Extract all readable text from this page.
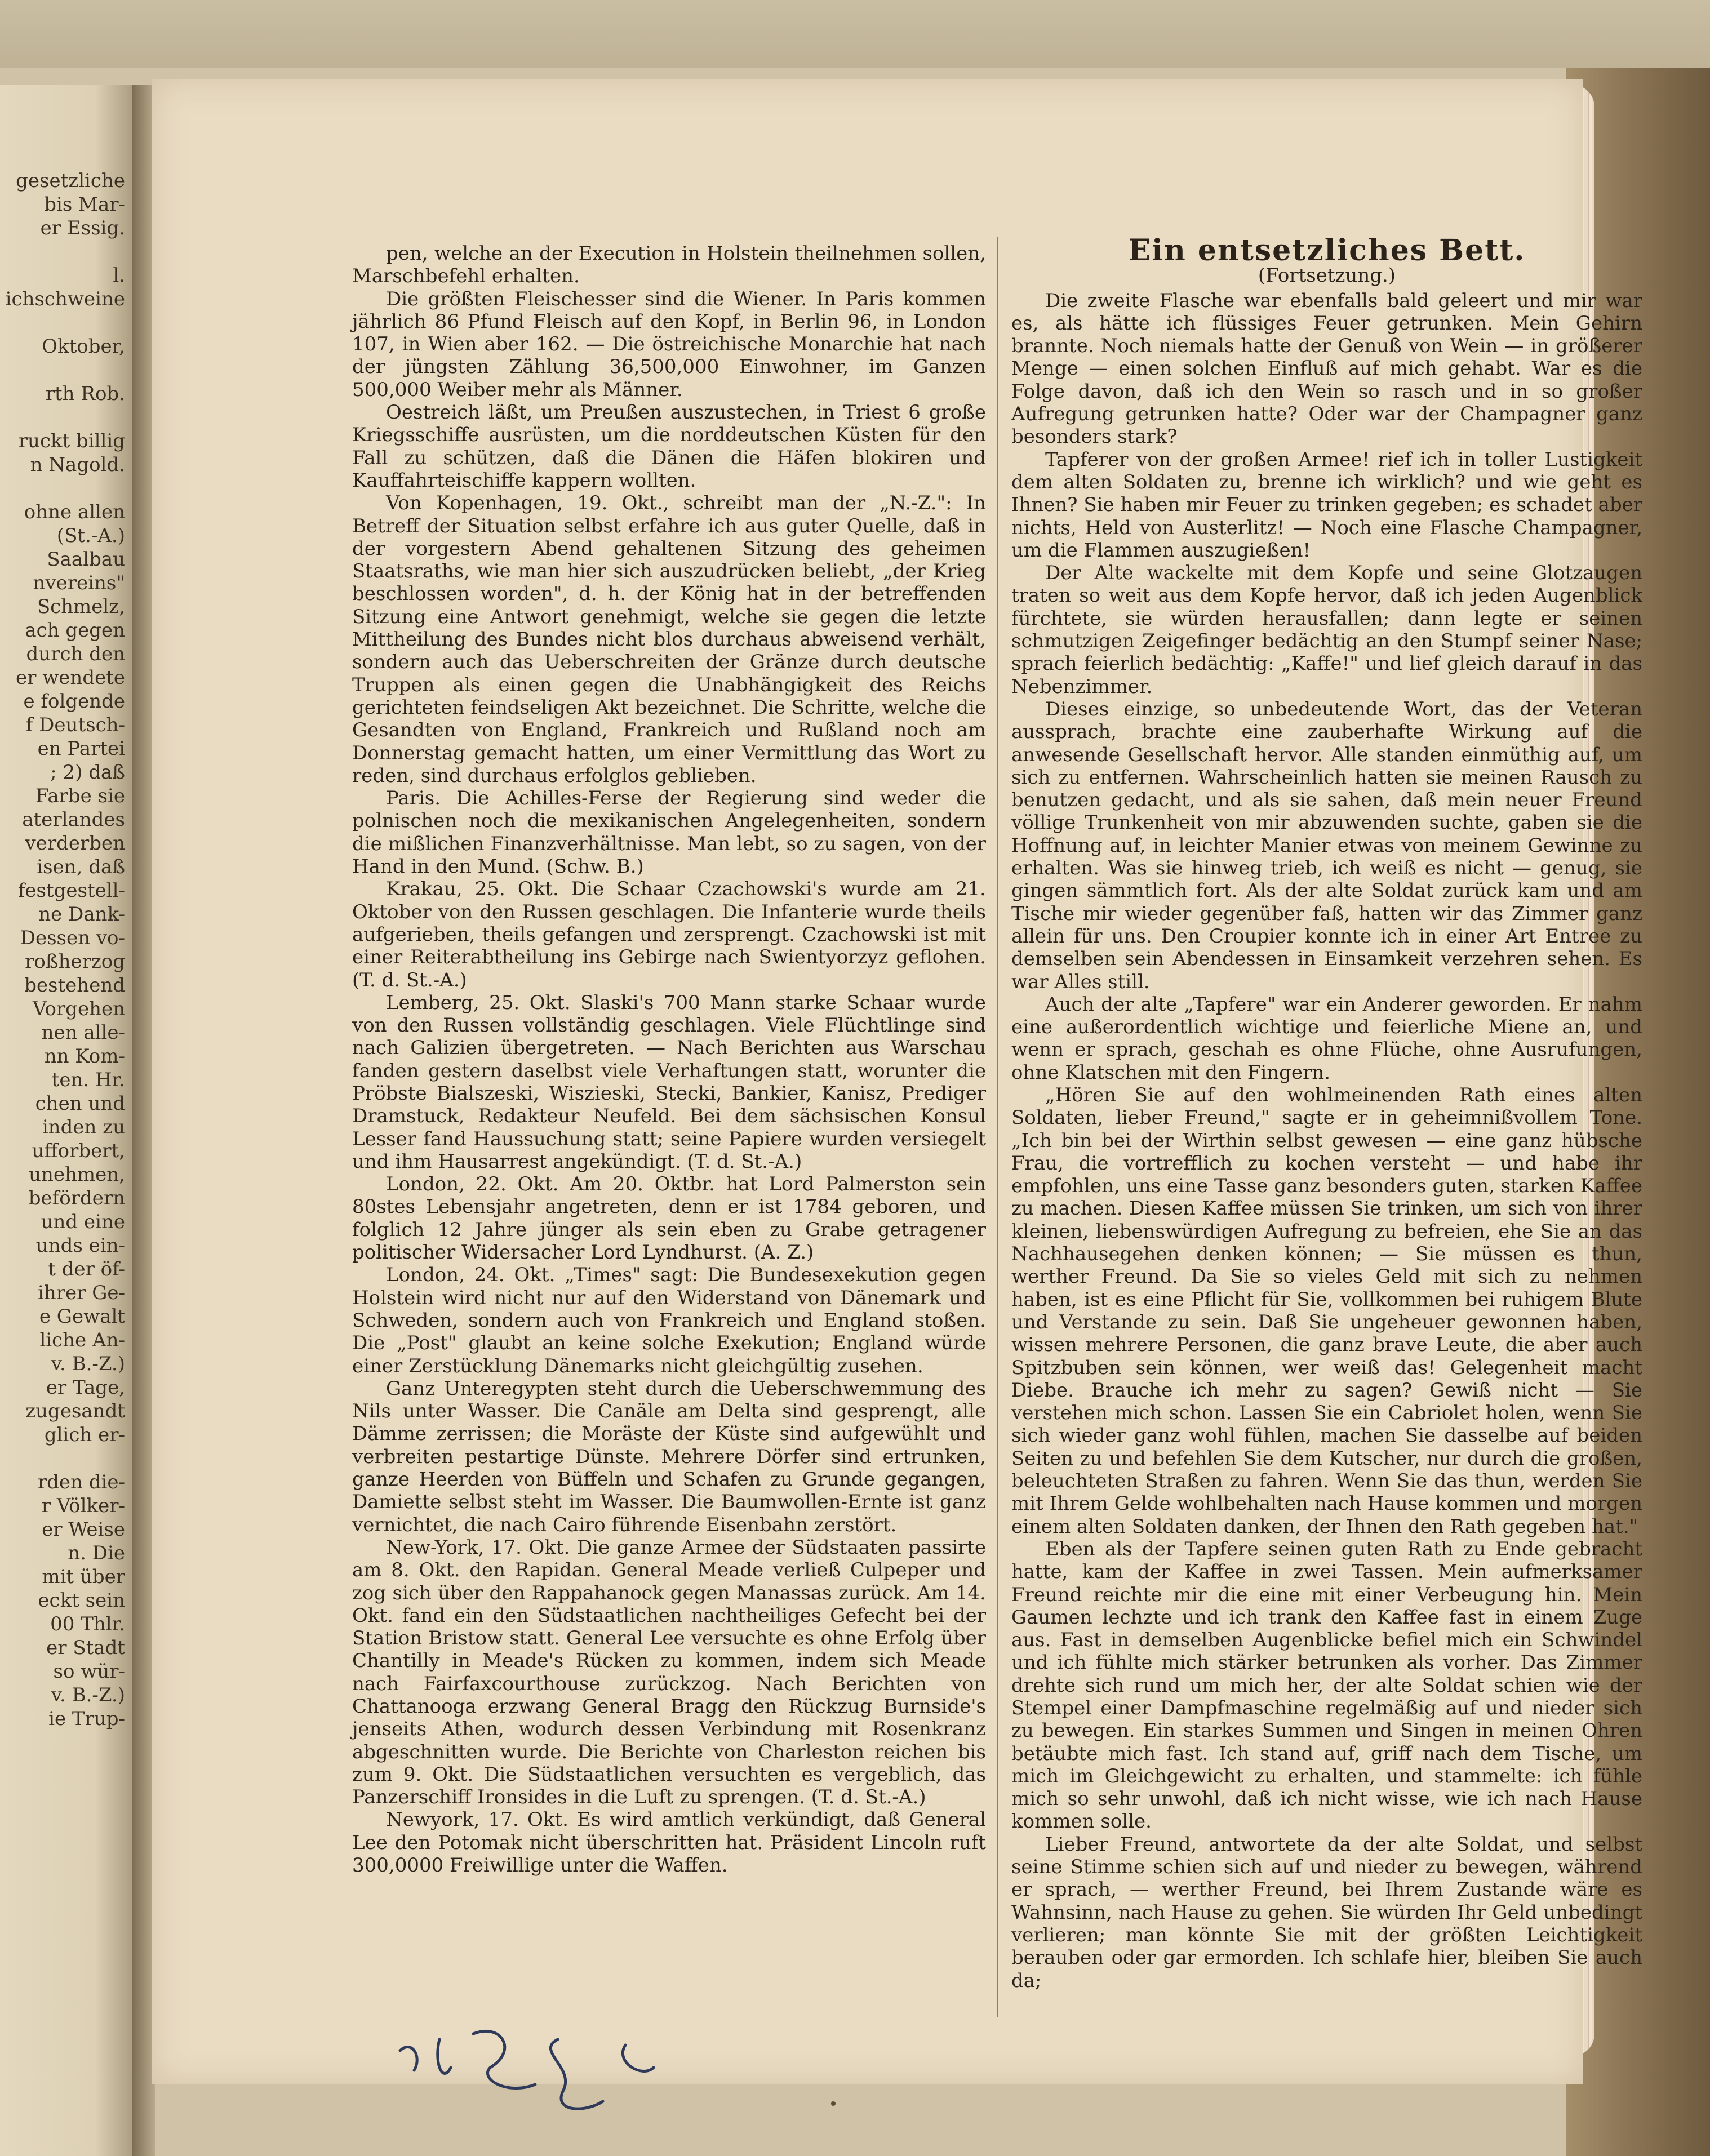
gesetzliche
bis Mar-
er Essig.
l.
ichschweine
Oktober,
rth Rob.
ruckt billig
n Nagold.
ohne allen
(St.-A.)
Saalbau
nvereins"
Schmelz,
ach gegen
durch den
er wendete
e folgende
f Deutsch-
en Partei
; 2) daß
Farbe sie
aterlandes
verderben
isen, daß
festgestell-
ne Dank-
Dessen vo-
roßherzog
bestehend
Vorgehen
nen alle-
nn Kom-
ten. Hr.
chen und
inden zu
ufforbert,
unehmen,
befördern
und eine
unds ein-
t der öf-
ihrer Ge-
e Gewalt
liche An-
v. B.-Z.)
er Tage,
zugesandt
glich er-
rden die-
r Völker-
er Weise
n. Die
mit über
eckt sein
00 Thlr.
er Stadt
so wür-
v. B.-Z.)
ie Trup-

pen, welche an der Execution in Holstein theilnehmen sollen, Marschbefehl erhalten.

Die größten Fleischesser sind die Wiener. In Paris kommen jährlich 86 Pfund Fleisch auf den Kopf, in Berlin 96, in London 107, in Wien aber 162. — Die östreichische Monarchie hat nach der jüngsten Zählung 36,500,000 Einwohner, im Ganzen 500,000 Weiber mehr als Männer.

Oestreich läßt, um Preußen auszustechen, in Triest 6 große Kriegsschiffe ausrüsten, um die norddeutschen Küsten für den Fall zu schützen, daß die Dänen die Häfen blokiren und Kauffahrteischiffe kappern wollten.

Von Kopenhagen, 19. Okt., schreibt man der „N.-Z.": In Betreff der Situation selbst erfahre ich aus guter Quelle, daß in der vorgestern Abend gehaltenen Sitzung des geheimen Staatsraths, wie man hier sich auszudrücken beliebt, „der Krieg beschlossen worden", d. h. der König hat in der betreffenden Sitzung eine Antwort genehmigt, welche sie gegen die letzte Mittheilung des Bundes nicht blos durchaus abweisend verhält, sondern auch das Ueberschreiten der Gränze durch deutsche Truppen als einen gegen die Unabhängigkeit des Reichs gerichteten feindseligen Akt bezeichnet. Die Schritte, welche die Gesandten von England, Frankreich und Rußland noch am Donnerstag gemacht hatten, um einer Vermittlung das Wort zu reden, sind durchaus erfolglos geblieben.

Paris. Die Achilles-Ferse der Regierung sind weder die polnischen noch die mexikanischen Angelegenheiten, sondern die mißlichen Finanzverhältnisse. Man lebt, so zu sagen, von der Hand in den Mund. (Schw. B.)

Krakau, 25. Okt. Die Schaar Czachowski's wurde am 21. Oktober von den Russen geschlagen. Die Infanterie wurde theils aufgerieben, theils gefangen und zersprengt. Czachowski ist mit einer Reiterabtheilung ins Gebirge nach Swientyorzyz geflohen. (T. d. St.-A.)

Lemberg, 25. Okt. Slaski's 700 Mann starke Schaar wurde von den Russen vollständig geschlagen. Viele Flüchtlinge sind nach Galizien übergetreten. — Nach Berichten aus Warschau fanden gestern daselbst viele Verhaftungen statt, worunter die Pröbste Bialszeski, Wiszieski, Stecki, Bankier, Kanisz, Prediger Dramstuck, Redakteur Neufeld. Bei dem sächsischen Konsul Lesser fand Haussuchung statt; seine Papiere wurden versiegelt und ihm Hausarrest angekündigt. (T. d. St.-A.)

London, 22. Okt. Am 20. Oktbr. hat Lord Palmerston sein 80stes Lebensjahr angetreten, denn er ist 1784 geboren, und folglich 12 Jahre jünger als sein eben zu Grabe getragener politischer Widersacher Lord Lyndhurst. (A. Z.)

London, 24. Okt. „Times" sagt: Die Bundesexekution gegen Holstein wird nicht nur auf den Widerstand von Dänemark und Schweden, sondern auch von Frankreich und England stoßen. Die „Post" glaubt an keine solche Exekution; England würde einer Zerstücklung Dänemarks nicht gleichgültig zusehen.

Ganz Unteregypten steht durch die Ueberschwemmung des Nils unter Wasser. Die Canäle am Delta sind gesprengt, alle Dämme zerrissen; die Moräste der Küste sind aufgewühlt und verbreiten pestartige Dünste. Mehrere Dörfer sind ertrunken, ganze Heerden von Büffeln und Schafen zu Grunde gegangen, Damiette selbst steht im Wasser. Die Baumwollen-Ernte ist ganz vernichtet, die nach Cairo führende Eisenbahn zerstört.

New-York, 17. Okt. Die ganze Armee der Südstaaten passirte am 8. Okt. den Rapidan. General Meade verließ Culpeper und zog sich über den Rappahanock gegen Manassas zurück. Am 14. Okt. fand ein den Südstaatlichen nachtheiliges Gefecht bei der Station Bristow statt. General Lee versuchte es ohne Erfolg über Chantilly in Meade's Rücken zu kommen, indem sich Meade nach Fairfaxcourthouse zurückzog. Nach Berichten von Chattanooga erzwang General Bragg den Rückzug Burnside's jenseits Athen, wodurch dessen Verbindung mit Rosenkranz abgeschnitten wurde. Die Berichte von Charleston reichen bis zum 9. Okt. Die Südstaatlichen versuchten es vergeblich, das Panzerschiff Ironsides in die Luft zu sprengen. (T. d. St.-A.)

Newyork, 17. Okt. Es wird amtlich verkündigt, daß General Lee den Potomak nicht überschritten hat. Präsident Lincoln ruft 300,0000 Freiwillige unter die Waffen.

Ein entsetzliches Bett.
(Fortsetzung.)

Die zweite Flasche war ebenfalls bald geleert und mir war es, als hätte ich flüssiges Feuer getrunken. Mein Gehirn brannte. Noch niemals hatte der Genuß von Wein — in größerer Menge — einen solchen Einfluß auf mich gehabt. War es die Folge davon, daß ich den Wein so rasch und in so großer Aufregung getrunken hatte? Oder war der Champagner ganz besonders stark?

Tapferer von der großen Armee! rief ich in toller Lustigkeit dem alten Soldaten zu, brenne ich wirklich? und wie geht es Ihnen? Sie haben mir Feuer zu trinken gegeben; es schadet aber nichts, Held von Austerlitz! — Noch eine Flasche Champagner, um die Flammen auszugießen!

Der Alte wackelte mit dem Kopfe und seine Glotzaugen traten so weit aus dem Kopfe hervor, daß ich jeden Augenblick fürchtete, sie würden herausfallen; dann legte er seinen schmutzigen Zeigefinger bedächtig an den Stumpf seiner Nase; sprach feierlich bedächtig: „Kaffe!" und lief gleich darauf in das Nebenzimmer.

Dieses einzige, so unbedeutende Wort, das der Veteran aussprach, brachte eine zauberhafte Wirkung auf die anwesende Gesellschaft hervor. Alle standen einmüthig auf, um sich zu entfernen. Wahrscheinlich hatten sie meinen Rausch zu benutzen gedacht, und als sie sahen, daß mein neuer Freund völlige Trunkenheit von mir abzuwenden suchte, gaben sie die Hoffnung auf, in leichter Manier etwas von meinem Gewinne zu erhalten. Was sie hinweg trieb, ich weiß es nicht — genug, sie gingen sämmtlich fort. Als der alte Soldat zurück kam und am Tische mir wieder gegenüber faß, hatten wir das Zimmer ganz allein für uns. Den Croupier konnte ich in einer Art Entree zu demselben sein Abendessen in Einsamkeit verzehren sehen. Es war Alles still.

Auch der alte „Tapfere" war ein Anderer geworden. Er nahm eine außerordentlich wichtige und feierliche Miene an, und wenn er sprach, geschah es ohne Flüche, ohne Ausrufungen, ohne Klatschen mit den Fingern.

„Hören Sie auf den wohlmeinenden Rath eines alten Soldaten, lieber Freund," sagte er in geheimnißvollem Tone. „Ich bin bei der Wirthin selbst gewesen — eine ganz hübsche Frau, die vortrefflich zu kochen versteht — und habe ihr empfohlen, uns eine Tasse ganz besonders guten, starken Kaffee zu machen. Diesen Kaffee müssen Sie trinken, um sich von ihrer kleinen, liebenswürdigen Aufregung zu befreien, ehe Sie an das Nachhausegehen denken können; — Sie müssen es thun, werther Freund. Da Sie so vieles Geld mit sich zu nehmen haben, ist es eine Pflicht für Sie, vollkommen bei ruhigem Blute und Verstande zu sein. Daß Sie ungeheuer gewonnen haben, wissen mehrere Personen, die ganz brave Leute, die aber auch Spitzbuben sein können, wer weiß das! Gelegenheit macht Diebe. Brauche ich mehr zu sagen? Gewiß nicht — Sie verstehen mich schon. Lassen Sie ein Cabriolet holen, wenn Sie sich wieder ganz wohl fühlen, machen Sie dasselbe auf beiden Seiten zu und befehlen Sie dem Kutscher, nur durch die großen, beleuchteten Straßen zu fahren. Wenn Sie das thun, werden Sie mit Ihrem Gelde wohlbehalten nach Hause kommen und morgen einem alten Soldaten danken, der Ihnen den Rath gegeben hat."

Eben als der Tapfere seinen guten Rath zu Ende gebracht hatte, kam der Kaffee in zwei Tassen. Mein aufmerksamer Freund reichte mir die eine mit einer Verbeugung hin. Mein Gaumen lechzte und ich trank den Kaffee fast in einem Zuge aus. Fast in demselben Augenblicke befiel mich ein Schwindel und ich fühlte mich stärker betrunken als vorher. Das Zimmer drehte sich rund um mich her, der alte Soldat schien wie der Stempel einer Dampfmaschine regelmäßig auf und nieder sich zu bewegen. Ein starkes Summen und Singen in meinen Ohren betäubte mich fast. Ich stand auf, griff nach dem Tische, um mich im Gleichgewicht zu erhalten, und stammelte: ich fühle mich so sehr unwohl, daß ich nicht wisse, wie ich nach Hause kommen solle.

Lieber Freund, antwortete da der alte Soldat, und selbst seine Stimme schien sich auf und nieder zu bewegen, während er sprach, — werther Freund, bei Ihrem Zustande wäre es Wahnsinn, nach Hause zu gehen. Sie würden Ihr Geld unbedingt verlieren; man könnte Sie mit der größten Leichtigkeit berauben oder gar ermorden. Ich schlafe hier, bleiben Sie auch da;
